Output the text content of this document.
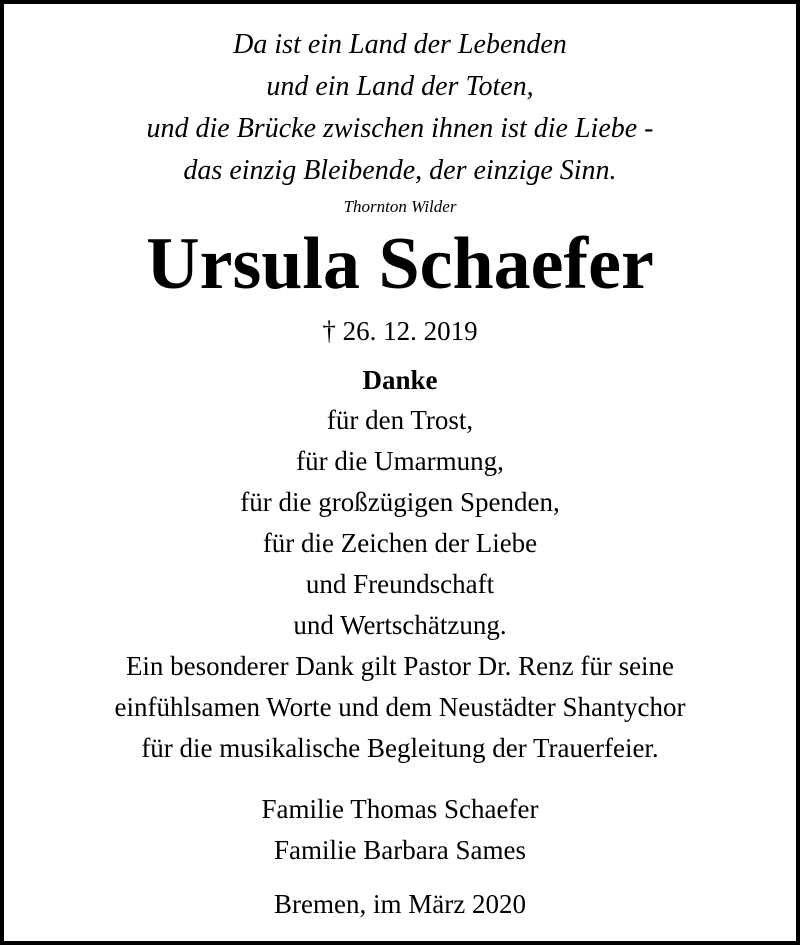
Da ist ein Land der Lebenden
und ein Land der Toten,
und die Brücke zwischen ihnen ist die Liebe -
das einzig Bleibende, der einzige Sinn.
Thornton Wilder
Ursula Schaefer
† 26. 12. 2019
Danke
für den Trost,
für die Umarmung,
für die großzügigen Spenden,
für die Zeichen der Liebe
und Freundschaft
und Wertschätzung.
Ein besonderer Dank gilt Pastor Dr. Renz für seine
einfühlsamen Worte und dem Neustädter Shantychor
für die musikalische Begleitung der Trauerfeier.
Familie Thomas Schaefer
Familie Barbara Sames
Bremen, im März 2020
